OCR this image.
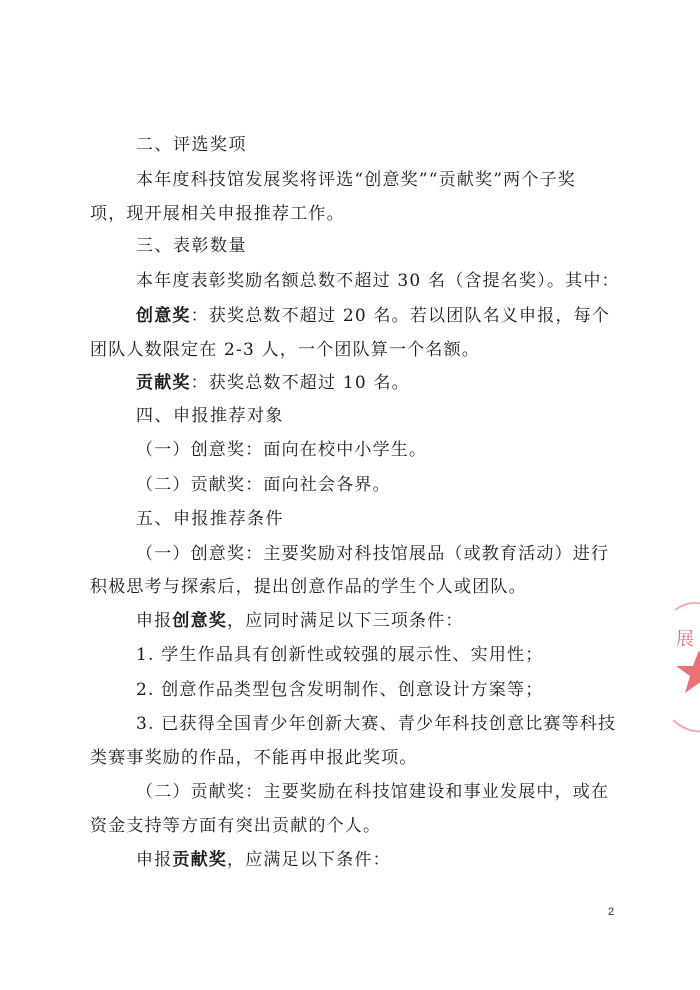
二、评选奖项
本年度科技馆发展奖将评选“创意奖”“贡献奖”两个子奖
项，现开展相关申报推荐工作。
三、表彰数量
本年度表彰奖励名额总数不超过 30 名（含提名奖）。其中：
创意奖：获奖总数不超过 20 名。若以团队名义申报，每个
团队人数限定在 2-3 人，一个团队算一个名额。
贡献奖：获奖总数不超过 10 名。
四、申报推荐对象
（一）创意奖：面向在校中小学生。
（二）贡献奖：面向社会各界。
五、申报推荐条件
（一）创意奖：主要奖励对科技馆展品（或教育活动）进行
积极思考与探索后，提出创意作品的学生个人或团队。
申报创意奖，应同时满足以下三项条件：
1. 学生作品具有创新性或较强的展示性、实用性；
2. 创意作品类型包含发明制作、创意设计方案等；
3. 已获得全国青少年创新大赛、青少年科技创意比赛等科技
类赛事奖励的作品，不能再申报此奖项。
（二）贡献奖：主要奖励在科技馆建设和事业发展中，或在
资金支持等方面有突出贡献的个人。
申报贡献奖，应满足以下条件：
展
2
